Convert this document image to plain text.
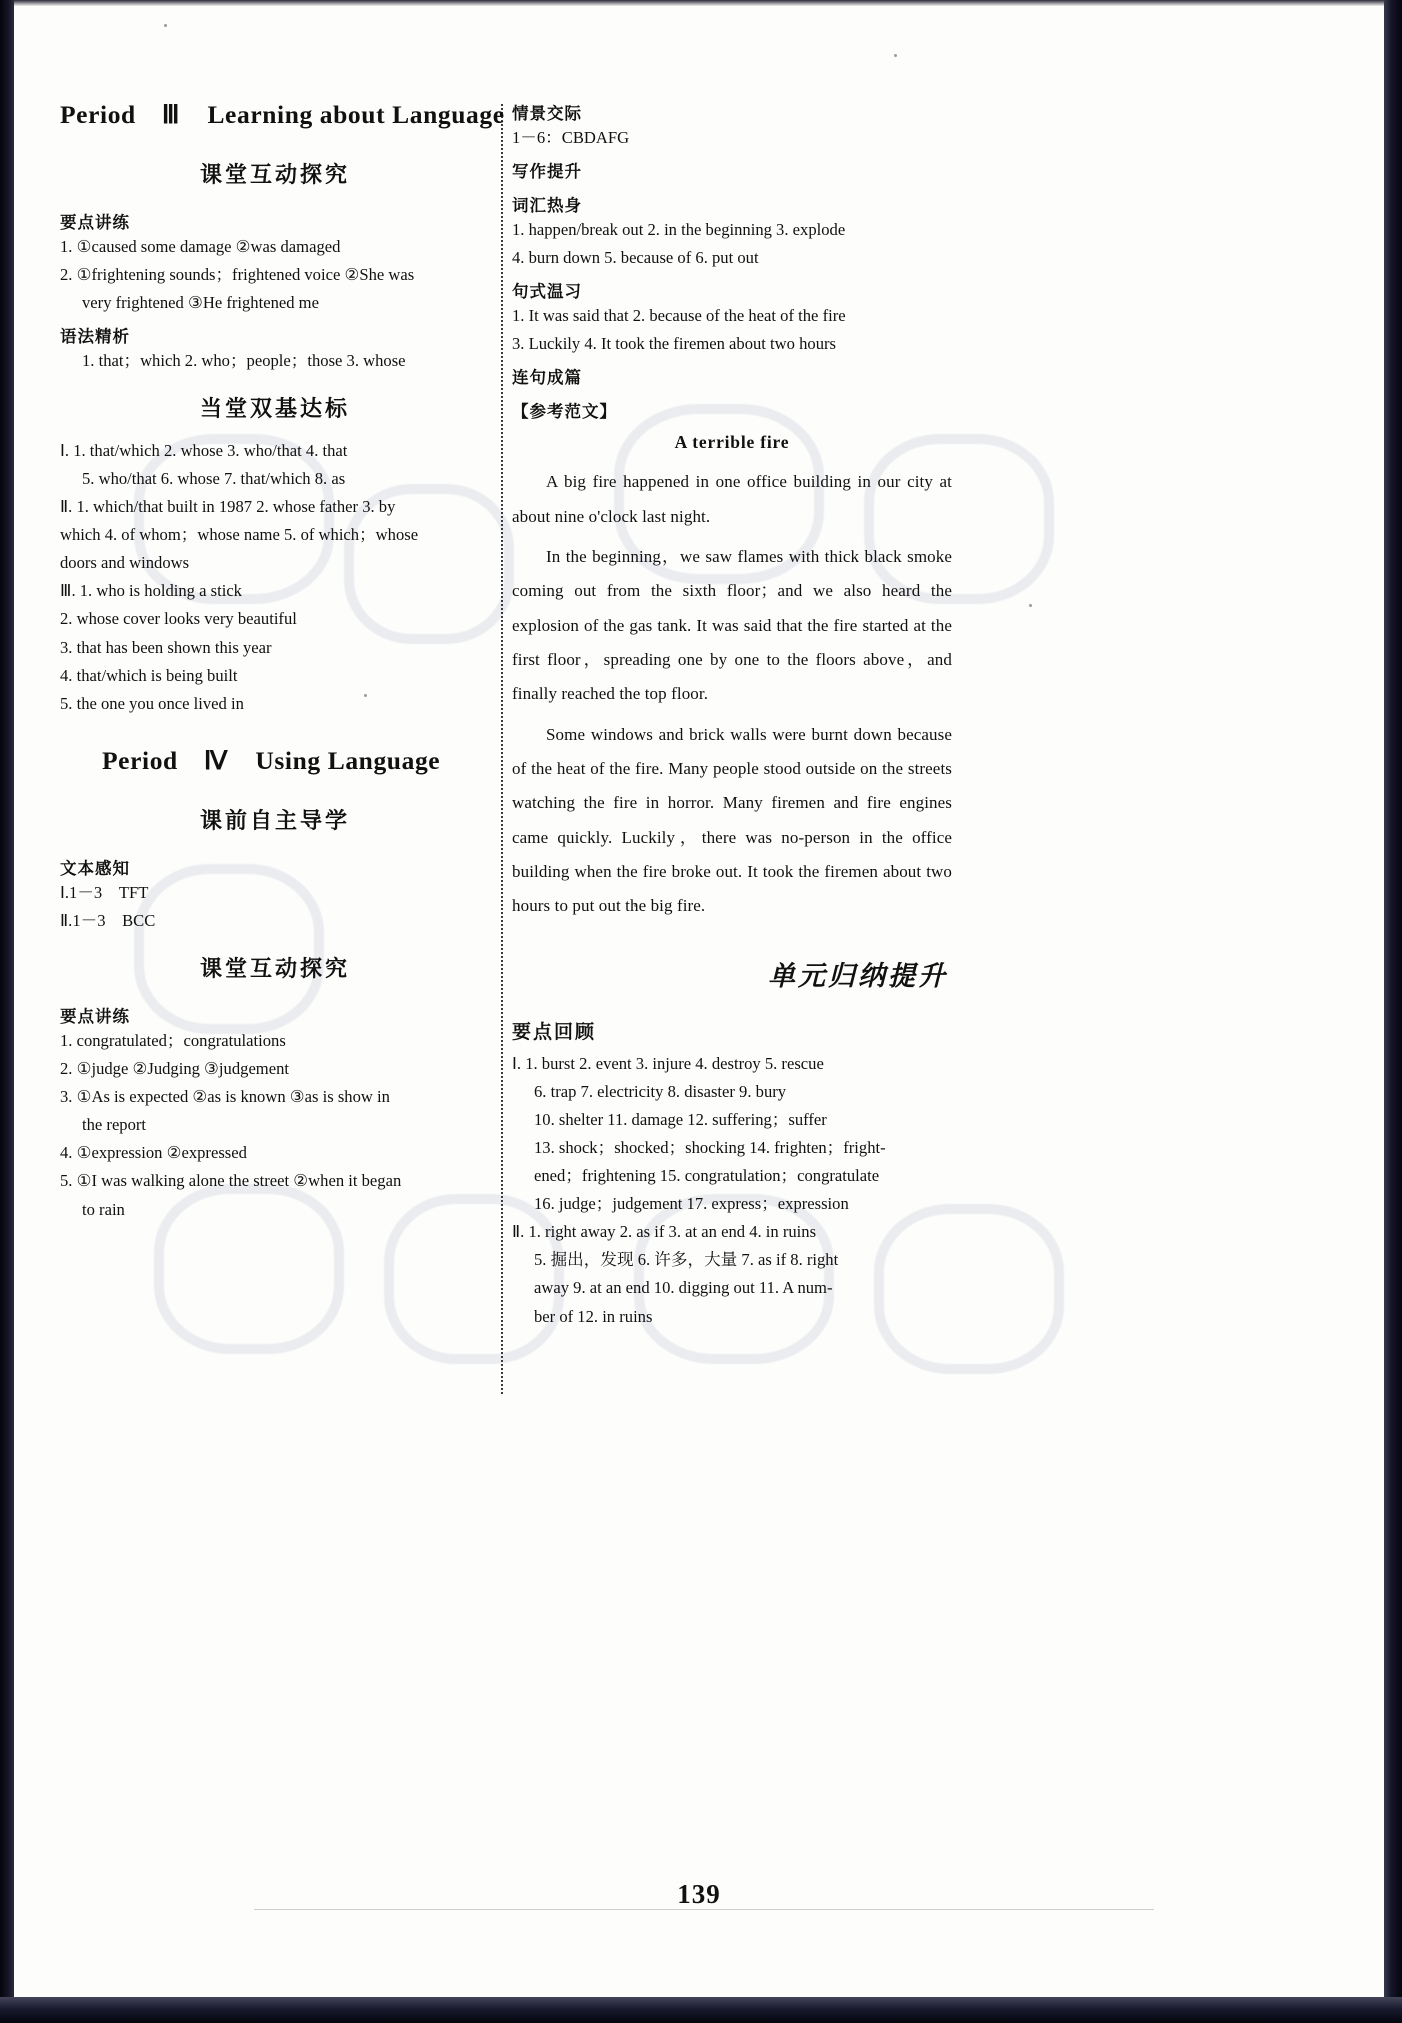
Period Ⅲ Learning about Language
课堂互动探究
要点讲练
1. ①caused some damage ②was damaged
2. ①frightening sounds；frightened voice ②She was
very frightened ③He frightened me
语法精析
1. that；which 2. who；people；those 3. whose
当堂双基达标
Ⅰ. 1. that/which 2. whose 3. who/that 4. that
5. who/that 6. whose 7. that/which 8. as
Ⅱ. 1. which/that built in 1987 2. whose father 3. by
which 4. of whom；whose name 5. of which；whose
doors and windows
Ⅲ. 1. who is holding a stick
2. whose cover looks very beautiful
3. that has been shown this year
4. that/which is being built
5. the one you once lived in
Period Ⅳ Using Language
课前自主导学
文本感知
Ⅰ.1－3　TFT
Ⅱ.1－3　BCC
课堂互动探究
要点讲练
1. congratulated；congratulations
2. ①judge ②Judging ③judgement
3. ①As is expected ②as is known ③as is show in
the report
4. ①expression ②expressed
5. ①I was walking alone the street ②when it began
to rain
情景交际
1－6：CBDAFG
写作提升
词汇热身
1. happen/break out 2. in the beginning 3. explode
4. burn down 5. because of 6. put out
句式温习
1. It was said that 2. because of the heat of the fire
3. Luckily 4. It took the firemen about two hours
连句成篇
【参考范文】
A terrible fire

A big fire happened in one office building in our city at about nine o'clock last night.

In the beginning，we saw flames with thick black smoke coming out from the sixth floor；and we also heard the explosion of the gas tank. It was said that the fire started at the first floor，spreading one by one to the floors above，and finally reached the top floor.

Some windows and brick walls were burnt down because of the heat of the fire. Many people stood outside on the streets watching the fire in horror. Many firemen and fire engines came quickly. Luckily，there was no-person in the office building when the fire broke out. It took the firemen about two hours to put out the big fire.

单元归纳提升
要点回顾
Ⅰ. 1. burst 2. event 3. injure 4. destroy 5. rescue
6. trap 7. electricity 8. disaster 9. bury
10. shelter 11. damage 12. suffering；suffer
13. shock；shocked；shocking 14. frighten；fright-
ened；frightening 15. congratulation；congratulate
16. judge；judgement 17. express；expression
Ⅱ. 1. right away 2. as if 3. at an end 4. in ruins
5. 掘出，发现 6. 许多，大量 7. as if 8. right
away 9. at an end 10. digging out 11. A num-
ber of 12. in ruins
139
